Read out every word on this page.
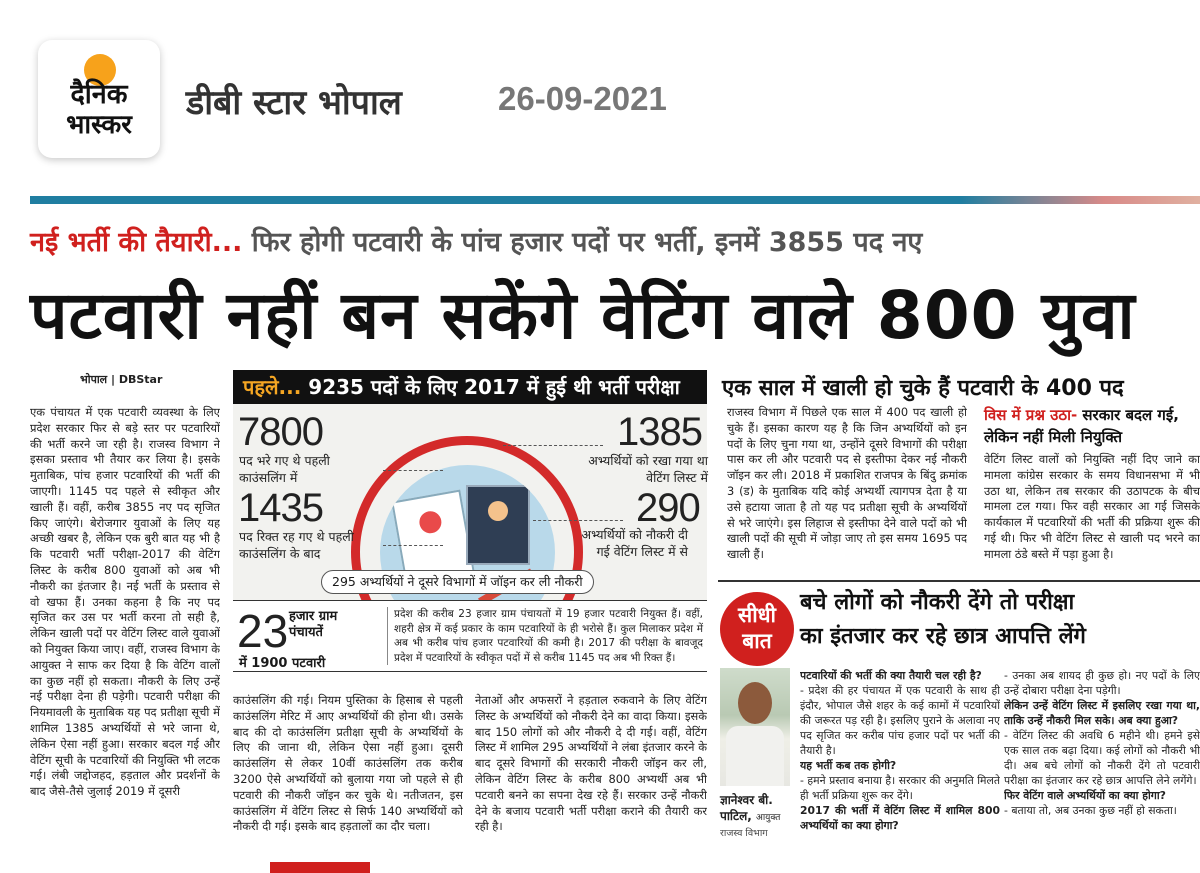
दैनिक
भास्कर
डीबी स्टार भोपाल	26-09-2021
नई भर्ती की तैयारी... फिर होगी पटवारी के पांच हजार पदों पर भर्ती, इनमें 3855 पद नए
पटवारी नहीं बन सकेंगे वेटिंग वाले 800 युवा
भोपाल | DBStar
एक पंचायत में एक पटवारी व्यवस्था के लिए प्रदेश सरकार फिर से बड़े स्तर पर पटवारियों की भर्ती करने जा रही है। राजस्व विभाग ने इसका प्रस्ताव भी तैयार कर लिया है। इसके मुताबिक, पांच हजार पटवारियों की भर्ती की जाएगी। 1145 पद पहले से स्वीकृत और खाली हैं। वहीं, करीब 3855 नए पद सृजित किए जाएंगे। बेरोजगार युवाओं के लिए यह अच्छी खबर है, लेकिन एक बुरी बात यह भी है कि पटवारी भर्ती परीक्षा-2017 की वेटिंग लिस्ट के करीब 800 युवाओं को अब भी नौकरी का इंतजार है। नई भर्ती के प्रस्ताव से वो खफा हैं। उनका कहना है कि नए पद सृजित कर उस पर भर्ती करना तो सही है, लेकिन खाली पदों पर वेटिंग लिस्ट वाले युवाओं को नियुक्त किया जाए। वहीं, राजस्व विभाग के आयुक्त ने साफ कर दिया है कि वेटिंग वालों का कुछ नहीं हो सकता। नौकरी के लिए उन्हें नई परीक्षा देना ही पड़ेगी। पटवारी परीक्षा की नियमावली के मुताबिक यह पद प्रतीक्षा सूची में शामिल 1385 अभ्यर्थियों से भरे जाना थे, लेकिन ऐसा नहीं हुआ। सरकार बदल गई और वेटिंग सूची के पटवारियों की नियुक्ति भी लटक गई। लंबी जद्दोजहद, हड़ताल और प्रदर्शनों के बाद जैसे-तैसे जुलाई 2019 में दूसरी
पहले... 9235 पदों के लिए 2017 में हुई थी भर्ती परीक्षा
7800
पद भरे गए थे पहली काउंसलिंग में
1435
पद रिक्त रह गए थे पहली काउंसलिंग के बाद
1385
अभ्यर्थियों को रखा गया था वेटिंग लिस्ट में
290
अभ्यर्थियों को नौकरी दी गई वेटिंग लिस्ट में से
295 अभ्यर्थियों ने दूसरे विभागों में जॉइन कर ली नौकरी
23 हजार ग्राम पंचायतें
में 1900 पटवारी
प्रदेश की करीब 23 हजार ग्राम पंचायतों में 19 हजार पटवारी नियुक्त हैं। वहीं, शहरी क्षेत्र में कई प्रकार के काम पटवारियों के ही भरोसे हैं। कुल मिलाकर प्रदेश में अब भी करीब पांच हजार पटवारियों की कमी है। 2017 की परीक्षा के बावजूद प्रदेश में पटवारियों के स्वीकृत पदों में से करीब 1145 पद अब भी रिक्त हैं।
काउंसलिंग की गई। नियम पुस्तिका के हिसाब से पहली काउंसलिंग मेरिट में आए अभ्यर्थियों की होना थी। उसके बाद की दो काउंसलिंग प्रतीक्षा सूची के अभ्यर्थियों के लिए की जाना थी, लेकिन ऐसा नहीं हुआ। दूसरी काउंसलिंग से लेकर 10वीं काउंसलिंग तक करीब 3200 ऐसे अभ्यर्थियों को बुलाया गया जो पहले से ही पटवारी की नौकरी जॉइन कर चुके थे। नतीजतन, इस काउंसलिंग में वेटिंग लिस्ट से सिर्फ 140 अभ्यर्थियों को नौकरी दी गई। इसके बाद हड़तालों का दौर चला।
नेताओं और अफसरों ने हड़ताल रुकवाने के लिए वेटिंग लिस्ट के अभ्यर्थियों को नौकरी देने का वादा किया। इसके बाद 150 लोगों को और नौकरी दे दी गई। वहीं, वेटिंग लिस्ट में शामिल 295 अभ्यर्थियों ने लंबा इंतजार करने के बाद दूसरे विभागों की सरकारी नौकरी जॉइन कर ली, लेकिन वेटिंग लिस्ट के करीब 800 अभ्यर्थी अब भी पटवारी बनने का सपना देख रहे हैं। सरकार उन्हें नौकरी देने के बजाय पटवारी भर्ती परीक्षा कराने की तैयारी कर रही है।
एक साल में खाली हो चुके हैं पटवारी के 400 पद
राजस्व विभाग में पिछले एक साल में 400 पद खाली हो चुके हैं। इसका कारण यह है कि जिन अभ्यर्थियों को इन पदों के लिए चुना गया था, उन्होंने दूसरे विभागों की परीक्षा पास कर ली और पटवारी पद से इस्तीफा देकर नई नौकरी जॉइन कर ली। 2018 में प्रकाशित राजपत्र के बिंदु क्रमांक 3 (ड) के मुताबिक यदि कोई अभ्यर्थी त्यागपत्र देता है या उसे हटाया जाता है तो यह पद प्रतीक्षा सूची के अभ्यर्थियों से भरे जाएंगे। इस लिहाज से इस्तीफा देने वाले पदों को भी खाली पदों की सूची में जोड़ा जाए तो इस समय 1695 पद खाली हैं।
विस में प्रश्न उठा- सरकार बदल गई, लेकिन नहीं मिली नियुक्ति
वेटिंग लिस्ट वालों को नियुक्ति नहीं दिए जाने का मामला कांग्रेस सरकार के समय विधानसभा में भी उठा था, लेकिन तब सरकार की उठापटक के बीच मामला टल गया। फिर वही सरकार आ गई जिसके कार्यकाल में पटवारियों की भर्ती की प्रक्रिया शुरू की गई थी। फिर भी वेटिंग लिस्ट से खाली पद भरने का मामला ठंडे बस्ते में पड़ा हुआ है।
सीधी
बात
बचे लोगों को नौकरी देंगे तो परीक्षा
का इंतजार कर रहे छात्र आपत्ति लेंगे
ज्ञानेश्वर बी. पाटिल, आयुक्त
राजस्व विभाग
पटवारियों की भर्ती की क्या तैयारी चल रही है?
- प्रदेश की हर पंचायत में एक पटवारी के साथ ही इंदौर, भोपाल जैसे शहर के कई कामों में पटवारियों की जरूरत पड़ रही है। इसलिए पुराने के अलावा नए पद सृजित कर करीब पांच हजार पदों पर भर्ती की तैयारी है।
यह भर्ती कब तक होगी?
- हमने प्रस्ताव बनाया है। सरकार की अनुमति मिलते ही भर्ती प्रक्रिया शुरू कर देंगे।
2017 की भर्ती में वेटिंग लिस्ट में शामिल 800 अभ्यर्थियों का क्या होगा?
- उनका अब शायद ही कुछ हो। नए पदों के लिए उन्हें दोबारा परीक्षा देना पड़ेगी।
लेकिन उन्हें वेटिंग लिस्ट में इसलिए रखा गया था, ताकि उन्हें नौकरी मिल सके। अब क्या हुआ?
- वेटिंग लिस्ट की अवधि 6 महीने थी। हमने इसे एक साल तक बढ़ा दिया। कई लोगों को नौकरी भी दी। अब बचे लोगों को नौकरी देंगे तो पटवारी परीक्षा का इंतजार कर रहे छात्र आपत्ति लेने लगेंगे।
फिर वेटिंग वाले अभ्यर्थियों का क्या होगा?
- बताया तो, अब उनका कुछ नहीं हो सकता।
